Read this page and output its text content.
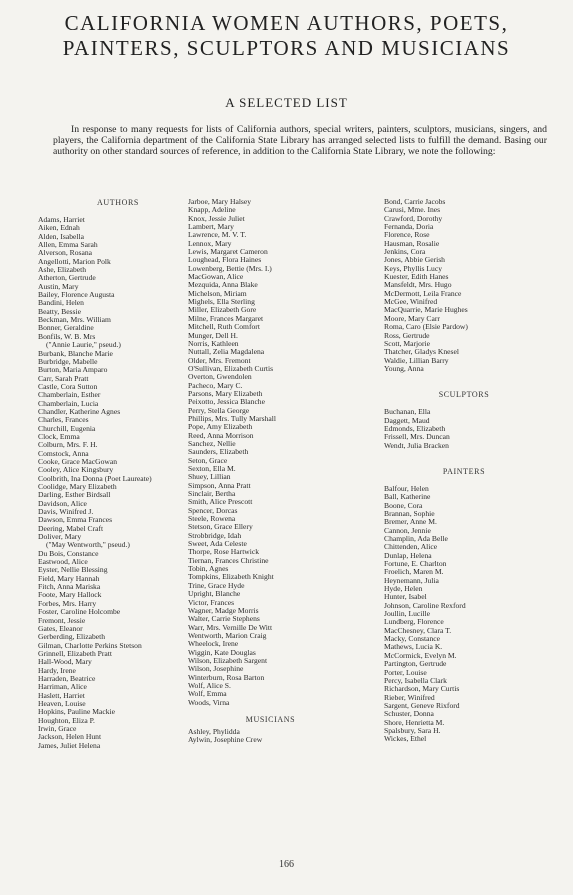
CALIFORNIA WOMEN AUTHORS, POETS,
PAINTERS, SCULPTORS AND MUSICIANS
A SELECTED LIST

In response to many requests for lists of California authors, special writers, painters, sculptors, musicians, singers, and players, the California department of the California State Library has arranged selected lists to fulfill the demand. Basing our authority on other standard sources of reference, in addition to the California State Library, we note the following:

AUTHORS
Adams, Harriet
Aiken, Ednah
Alden, Isabella
Allen, Emma Sarah
Alverson, Rosana
Angellotti, Marion Polk
Ashe, Elizabeth
Atherton, Gertrude
Austin, Mary
Bailey, Florence Augusta
Bandini, Helen
Beatty, Bessie
Beckman, Mrs. William
Bonner, Geraldine
Bonfils, W. B. Mrs
("Annie Laurie," pseud.)
Burbank, Blanche Marie
Burbridge, Mabelle
Burton, Maria Amparo
Carr, Sarah Pratt
Castle, Cora Sutton
Chamberlain, Esther
Chamberlain, Lucia
Chandler, Katherine Agnes
Charles, Frances
Churchill, Eugenia
Clock, Emma
Colburn, Mrs. F. H.
Comstock, Anna
Cooke, Grace MacGowan
Cooley, Alice Kingsbury
Coolbrith, Ina Donna (Poet Laureate)
Coolidge, Mary Elizabeth
Darling, Esther Birdsall
Davidson, Alice
Davis, Winifred J.
Dawson, Emma Frances
Deering, Mabel Craft
Doliver, Mary
("May Wentworth," pseud.)
Du Bois, Constance
Eastwood, Alice
Eyster, Nellie Blessing
Field, Mary Hannah
Fitch, Anna Mariska
Foote, Mary Hallock
Forbes, Mrs. Harry
Foster, Caroline Holcombe
Fremont, Jessie
Gates, Eleanor
Gerberding, Elizabeth
Gilman, Charlotte Perkins Stetson
Grinnell, Elizabeth Pratt
Hall-Wood, Mary
Hardy, Irene
Harraden, Beatrice
Harriman, Alice
Haslett, Harriet
Heaven, Louise
Hopkins, Pauline Mackie
Houghton, Eliza P.
Irwin, Grace
Jackson, Helen Hunt
James, Juliet Helena
Jarboe, Mary Halsey
Knapp, Adeline
Knox, Jessie Juliet
Lambert, Mary
Lawrence, M. V. T.
Lennox, Mary
Lewis, Margaret Cameron
Loughead, Flora Haines
Lowenberg, Bettie (Mrs. I.)
MacGowan, Alice
Mezquida, Anna Blake
Michelson, Miriam
Mighels, Ella Sterling
Miller, Elizabeth Gore
Milne, Frances Margaret
Mitchell, Ruth Comfort
Munger, Dell H.
Norris, Kathleen
Nuttall, Zelia Magdalena
Older, Mrs. Fremont
O'Sullivan, Elizabeth Curtis
Overton, Gwendolen
Pacheco, Mary C.
Parsons, Mary Elizabeth
Peixotto, Jessica Blanche
Perry, Stella George
Phillips, Mrs. Tully Marshall
Pope, Amy Elizabeth
Reed, Anna Morrison
Sanchez, Nellie
Saunders, Elizabeth
Seton, Grace
Sexton, Ella M.
Shuey, Lillian
Simpson, Anna Pratt
Sinclair, Bertha
Smith, Alice Prescott
Spencer, Dorcas
Steele, Rowena
Stetson, Grace Ellery
Strobbridge, Idah
Sweet, Ada Celeste
Thorpe, Rose Hartwick
Tiernan, Frances Christine
Tobin, Agnes
Tompkins, Elizabeth Knight
Trine, Grace Hyde
Upright, Blanche
Victor, Frances
Wagner, Madge Morris
Walter, Carrie Stephens
Warr, Mrs. Vernille De Witt
Wentworth, Marion Craig
Wheelock, Irene
Wiggin, Kate Douglas
Wilson, Elizabeth Sargent
Wilson, Josephine
Winterburn, Rosa Barton
Wolf, Alice S.
Wolf, Emma
Woods, Virna
MUSICIANS
Ashley, Phylidda
Aylwin, Josephine Crew
Bond, Carrie Jacobs
Carusi, Mme. Ines
Crawford, Dorothy
Fernanda, Doria
Florence, Rose
Hausman, Rosalie
Jenkins, Cora
Jones, Abbie Gerish
Keys, Phyllis Lucy
Kuester, Edith Hanes
Mansfeldt, Mrs. Hugo
McDermott, Leila France
McGee, Winifred
MacQuarrie, Marie Hughes
Moore, Mary Carr
Roma, Caro (Elsie Pardow)
Ross, Gertrude
Scott, Marjorie
Thatcher, Gladys Knesel
Waldie, Lillian Barry
Young, Anna
SCULPTORS
Buchanan, Ella
Daggett, Maud
Edmonds, Elizabeth
Frissell, Mrs. Duncan
Wendt, Julia Bracken
PAINTERS
Balfour, Helen
Ball, Katherine
Boone, Cora
Brannan, Sophie
Bremer, Anne M.
Cannon, Jennie
Champlin, Ada Belle
Chittenden, Alice
Dunlap, Helena
Fortune, E. Charlton
Froelich, Maren M.
Heynemann, Julia
Hyde, Helen
Hunter, Isabel
Johnson, Caroline Rexford
Joullin, Lucille
Lundberg, Florence
MacChesney, Clara T.
Macky, Constance
Mathews, Lucia K.
McCormick, Evelyn M.
Partington, Gertrude
Porter, Louise
Percy, Isabella Clark
Richardson, Mary Curtis
Rieber, Winifred
Sargent, Geneve Rixford
Schuster, Donna
Shore, Henrietta M.
Spalsbury, Sara H.
Wickes, Ethel
166
